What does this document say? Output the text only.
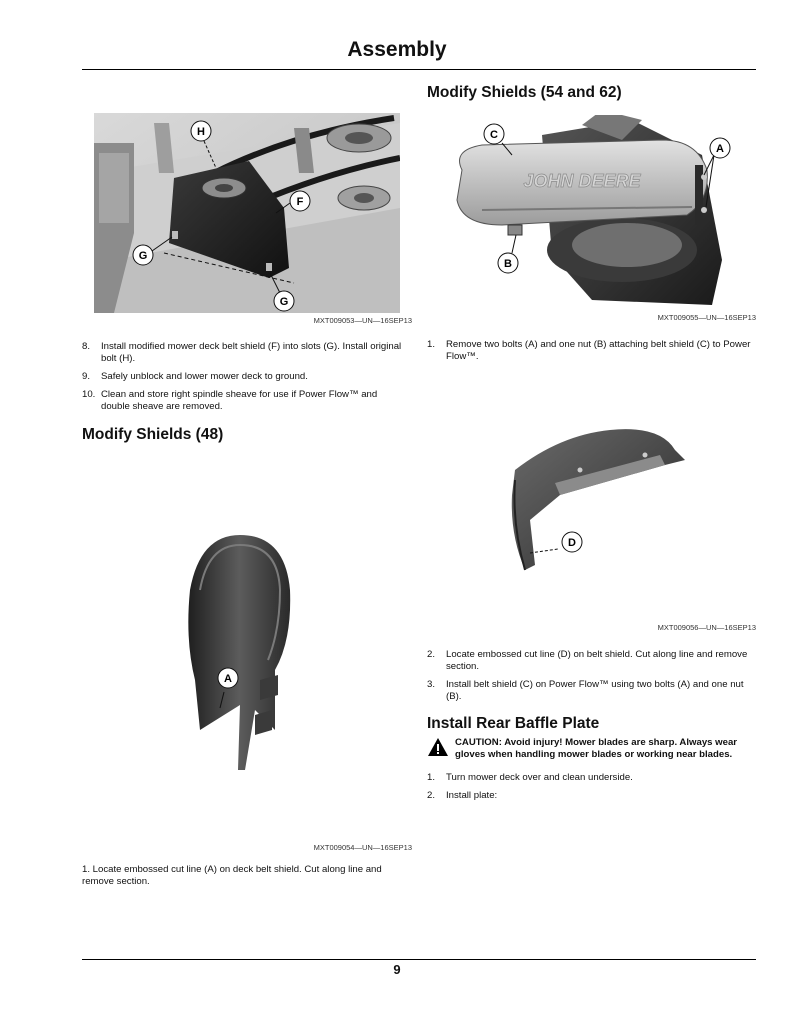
Assembly
Modify Shields (54 and 62)
H
F
G
G
MXT009053—UN—16SEP13
JOHN DEERE
C
A
B
MXT009055—UN—16SEP13
8. Install modified mower deck belt shield (F) into slots (G). Install original bolt (H).
9. Safely unblock and lower mower deck to ground.
10. Clean and store right spindle sheave for use if Power Flow™ and double sheave are removed.
1. Remove two bolts (A) and one nut (B) attaching belt shield (C) to Power Flow™.
Modify Shields (48)
D
A
MXT009056—UN—16SEP13
2. Locate embossed cut line (D) on belt shield. Cut along line and remove section.
3. Install belt shield (C) on Power Flow™ using two bolts (A) and one nut (B).
Install Rear Baffle Plate
CAUTION: Avoid injury! Mower blades are sharp. Always wear gloves when handling mower blades or working near blades.
1. Turn mower deck over and clean underside.
2. Install plate:
MXT009054—UN—16SEP13
1. Locate embossed cut line (A) on deck belt shield. Cut along line and remove section.
9
